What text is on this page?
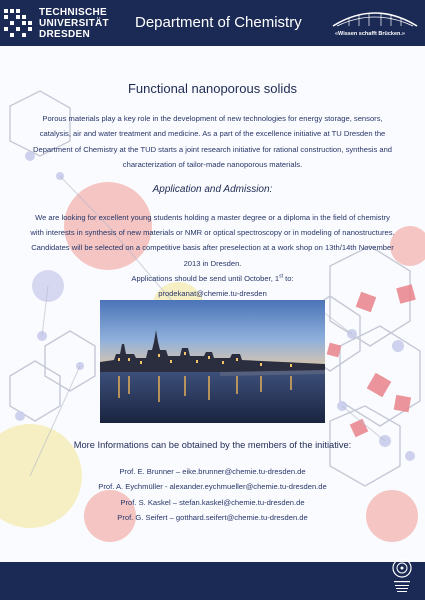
TECHNISCHE
UNIVERSITÄT
DRESDEN
Department of Chemistry
«Wissen schafft Brücken.»
Functional nanoporous solids
Porous materials play a key role in the development of new technologies for energy storage, sensors, catalysis, air and water treatment and medicine. As a part of the excellence initiative at TU Dresden the Department of Chemistry at the TUD starts a joint research initiative for rational construction, synthesis and characterization of tailor-made nanoporous materials.
Application and Admission:
We are looking for excellent young students holding a master degree or a diploma in the field of chemistry with interests in synthesis of new materials or NMR or optical spectroscopy or in modeling of nanostructures. Candidates will be selected on a competitive basis after preselection at a work shop on 13th/14th November 2013 in Dresden.
Applications should be send until October, 1st to:
prodekanat@chemie.tu-dresden
More Informations can be obtained by the members of the initiative:
Prof. E. Brunner – eike.brunner@chemie.tu-dresden.de
Prof. A. Eychmüller - alexander.eychmueller@chemie.tu-dresden.de
Prof. S. Kaskel – stefan.kaskel@chemie.tu-dresden.de
Prof. G. Seifert – gotthard.seifert@chemie.tu-dresden.de
